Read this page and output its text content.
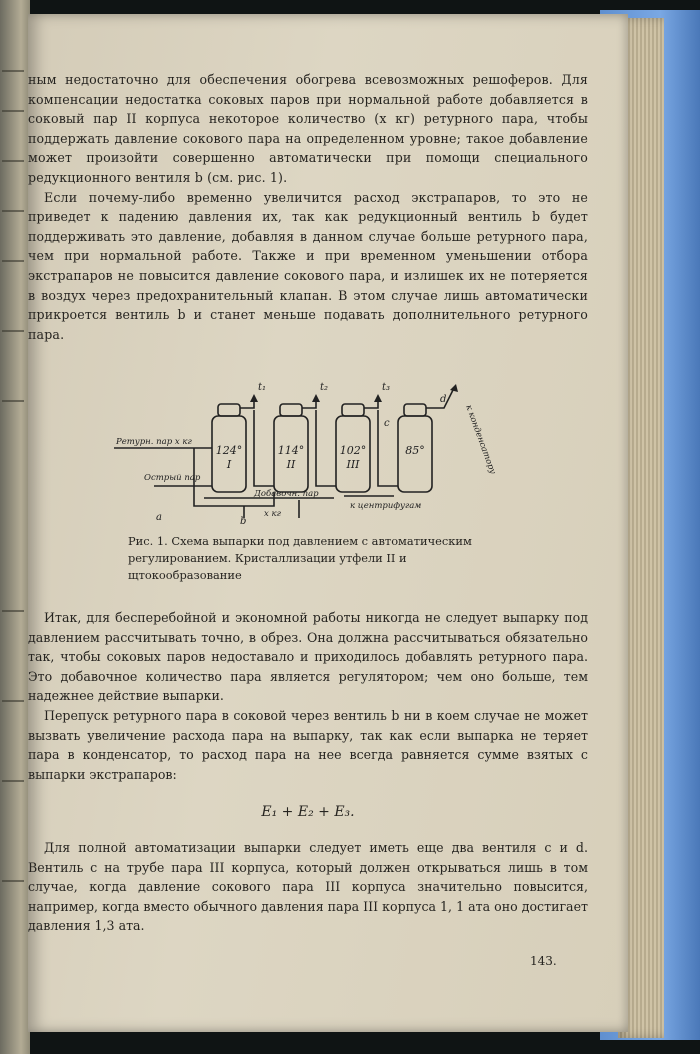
ным недостаточно для обеспечения обогрева всевозможных решоферов. Для компенсации недостатка соковых паров при нормальной работе добавляется в соковый пар II корпуса некоторое количество (x кг) ретурного пара, чтобы поддержать давление сокового пара на определенном уровне; такое добавление может произойти совершенно автоматически при помощи специального редукционного вентиля b (см. рис. 1).

Если почему-либо временно увеличится расход экстрапаров, то это не приведет к падению давления их, так как редукционный вентиль b будет поддерживать это давление, добавляя в данном случае больше ретурного пара, чем при нормальной работе. Также и при временном уменьшении отбора экстрапаров не повысится давление сокового пара, и излишек их не потеряется в воздух через предохранительный клапан. В этом случае лишь автоматически прикроется вентиль b и станет меньше подавать дополнительного ретурного пара.

124°
I
114°
II
102°
III
85°
t₁	t₂	t₃
Ретурн. пар x кг
Острый пар
Добавочн. пар
x кг
к центрифугам
к конденсатору
a	b
c
d
Рис. 1. Схема выпарки под давлением с автоматическим регулированием. Кристаллизации утфели II и щтокообразование

Итак, для бесперебойной и экономной работы никогда не следует выпарку под давлением рассчитывать точно, в обрез. Она должна рассчитываться обязательно так, чтобы соковых паров недоставало и приходилось добавлять ретурного пара. Это добавочное количество пара является регулятором; чем оно больше, тем надежнее действие выпарки.

Перепуск ретурного пара в соковой через вентиль b ни в коем случае не может вызвать увеличение расхода пара на выпарку, так как если выпарка не теряет пара в конденсатор, то расход пара на нее всегда равняется сумме взятых с выпарки экстрапаров:

E₁ + E₂ + E₃.

Для полной автоматизации выпарки следует иметь еще два вентиля c и d. Вентиль c на трубе пара III корпуса, который должен открываться лишь в том случае, когда давление сокового пара III корпуса значительно повысится, например, когда вместо обычного давления пара III корпуса 1, 1 ата оно достигает давления 1,3 ата.

143.
